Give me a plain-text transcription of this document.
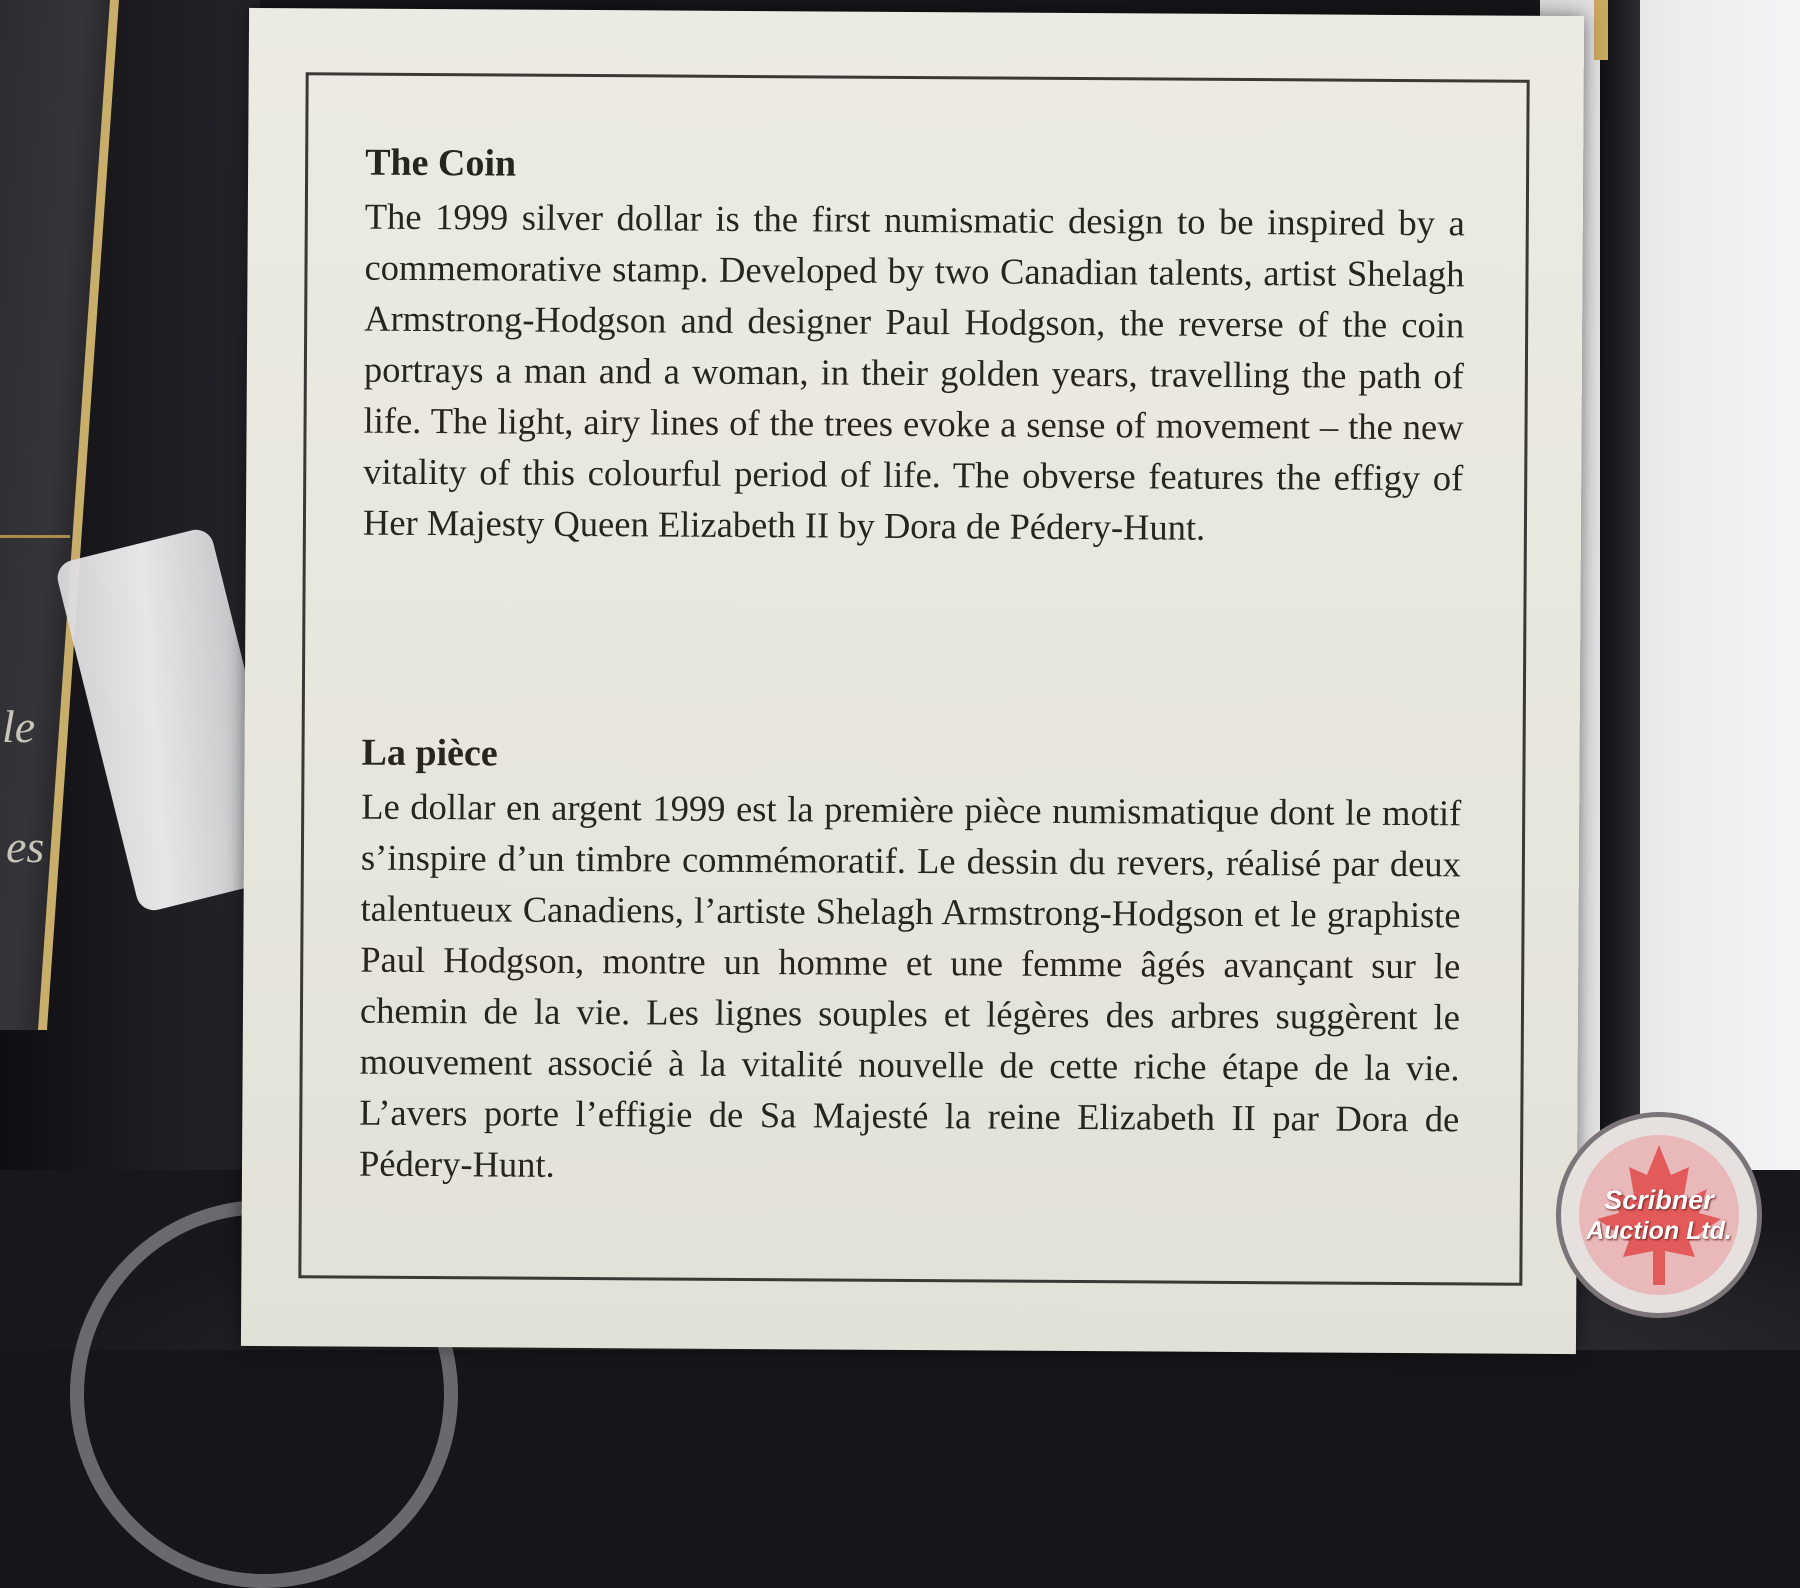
le
es

The Coin

The 1999 silver dollar is the first numismatic design to be inspired by a commemorative stamp. Developed by two Canadian talents, artist Shelagh Armstrong-Hodgson and designer Paul Hodgson, the reverse of the coin portrays a man and a woman, in their golden years, travelling the path of life. The light, airy lines of the trees evoke a sense of movement – the new vitality of this colourful period of life. The obverse features the effigy of Her Majesty Queen Elizabeth II by Dora de Pédery-Hunt.

La pièce

Le dollar en argent 1999 est la première pièce numismatique dont le motif s’inspire d’un timbre commémoratif. Le dessin du revers, réalisé par deux talentueux Canadiens, l’artiste Shelagh Armstrong-Hodgson et le graphiste Paul Hodgson, montre un homme et une femme âgés avançant sur le chemin de la vie. Les lignes souples et légères des arbres suggèrent le mouvement associé à la vitalité nouvelle de cette riche étape de la vie. L’avers porte l’effigie de Sa Majesté la reine Elizabeth II par Dora de Pédery-Hunt.

Scribner
Auction Ltd.
